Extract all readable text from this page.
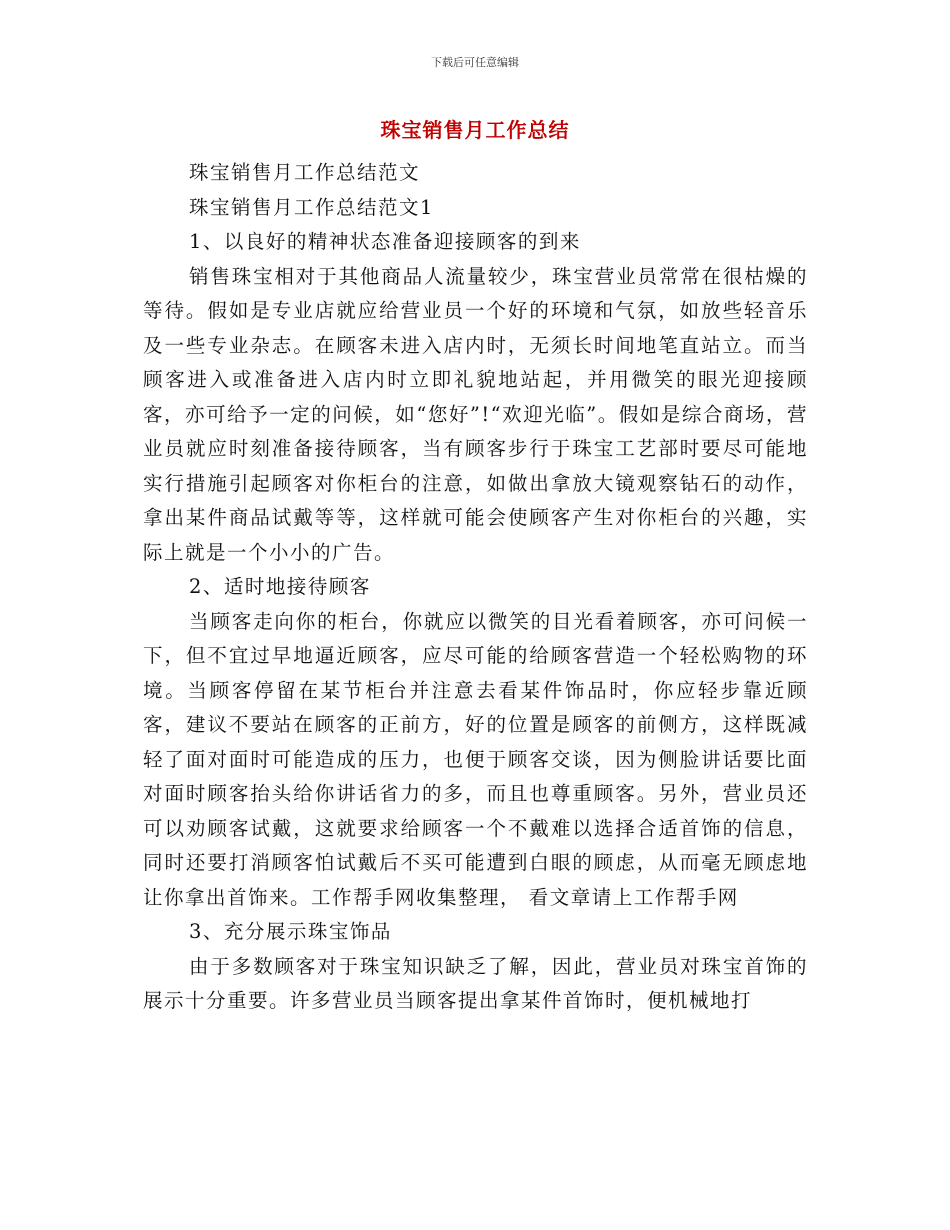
下载后可任意编辑
珠宝销售月工作总结

珠宝销售月工作总结范文

珠宝销售月工作总结范文1

1、以良好的精神状态准备迎接顾客的到来

销售珠宝相对于其他商品人流量较少，珠宝营业员常常在很枯燥的等待。假如是专业店就应给营业员一个好的环境和气氛，如放些轻音乐及一些专业杂志。在顾客未进入店内时，无须长时间地笔直站立。而当顾客进入或准备进入店内时立即礼貌地站起，并用微笑的眼光迎接顾客，亦可给予一定的问候，如“您好”!“欢迎光临”。假如是综合商场，营业员就应时刻准备接待顾客，当有顾客步行于珠宝工艺部时要尽可能地实行措施引起顾客对你柜台的注意，如做出拿放大镜观察钻石的动作，拿出某件商品试戴等等，这样就可能会使顾客产生对你柜台的兴趣，实际上就是一个小小的广告。

2、适时地接待顾客

当顾客走向你的柜台，你就应以微笑的目光看着顾客，亦可问候一下，但不宜过早地逼近顾客，应尽可能的给顾客营造一个轻松购物的环境。当顾客停留在某节柜台并注意去看某件饰品时，你应轻步靠近顾客，建议不要站在顾客的正前方，好的位置是顾客的前侧方，这样既减轻了面对面时可能造成的压力，也便于顾客交谈，因为侧脸讲话要比面对面时顾客抬头给你讲话省力的多，而且也尊重顾客。另外，营业员还可以劝顾客试戴，这就要求给顾客一个不戴难以选择合适首饰的信息，同时还要打消顾客怕试戴后不买可能遭到白眼的顾虑，从而毫无顾虑地让你拿出首饰来。工作帮手网收集整理， 看文章请上工作帮手网

3、充分展示珠宝饰品

由于多数顾客对于珠宝知识缺乏了解，因此，营业员对珠宝首饰的展示十分重要。许多营业员当顾客提出拿某件首饰时，便机械地打
